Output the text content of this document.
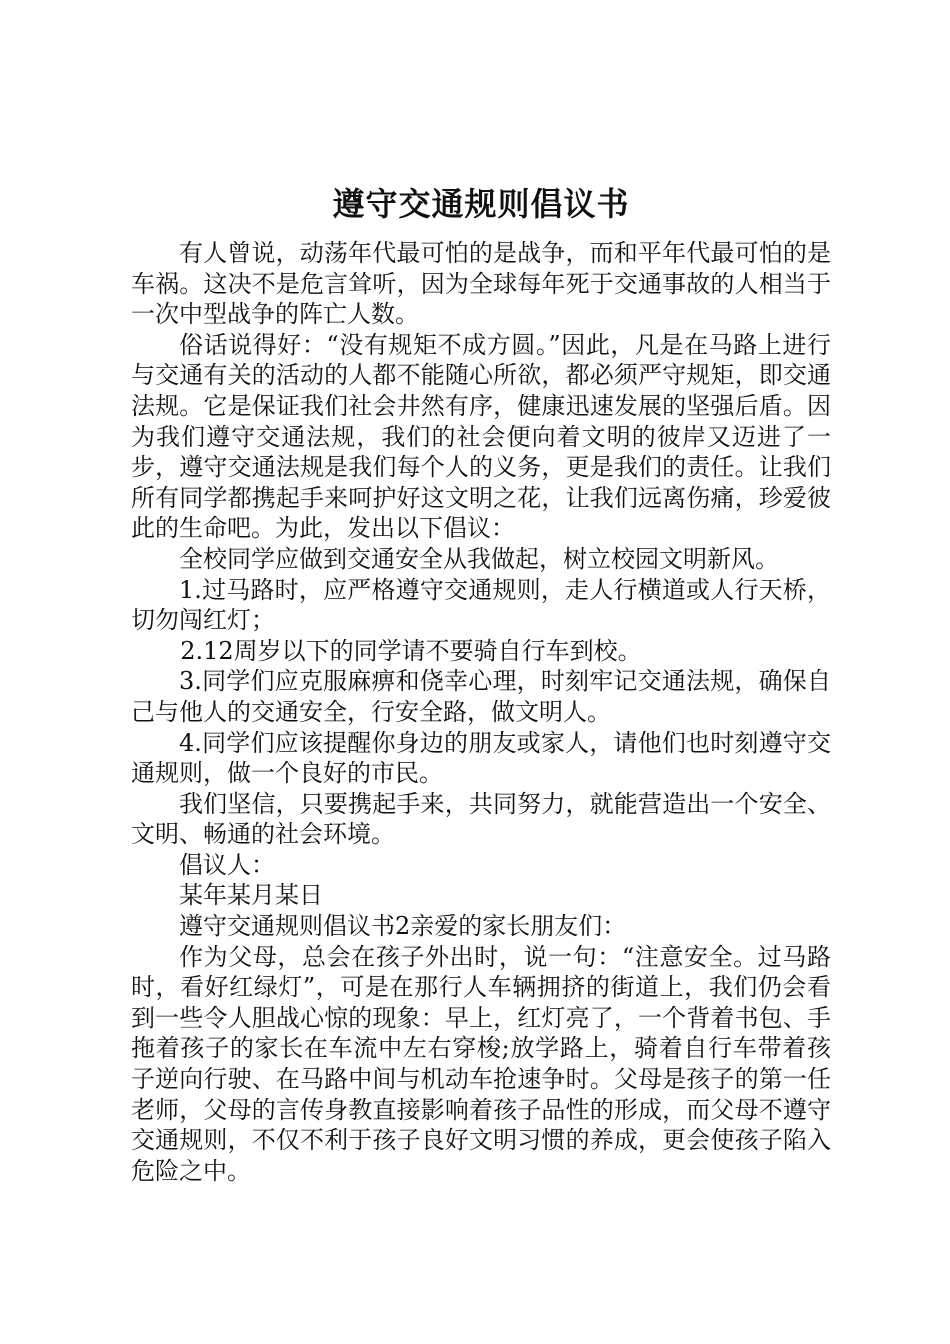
遵守交通规则倡议书

有人曾说，动荡年代最可怕的是战争，而和平年代最可怕的是车祸。这决不是危言耸听，因为全球每年死于交通事故的人相当于一次中型战争的阵亡人数。

俗话说得好：“没有规矩不成方圆。”因此，凡是在马路上进行与交通有关的活动的人都不能随心所欲，都必须严守规矩，即交通法规。它是保证我们社会井然有序，健康迅速发展的坚强后盾。因为我们遵守交通法规，我们的社会便向着文明的彼岸又迈进了一步，遵守交通法规是我们每个人的义务，更是我们的责任。让我们所有同学都携起手来呵护好这文明之花，让我们远离伤痛，珍爱彼此的生命吧。为此，发出以下倡议：

全校同学应做到交通安全从我做起，树立校园文明新风。

1.过马路时，应严格遵守交通规则，走人行横道或人行天桥，切勿闯红灯；

2.12周岁以下的同学请不要骑自行车到校。

3.同学们应克服麻痹和侥幸心理，时刻牢记交通法规，确保自己与他人的交通安全，行安全路，做文明人。

4.同学们应该提醒你身边的朋友或家人，请他们也时刻遵守交通规则，做一个良好的市民。

我们坚信，只要携起手来，共同努力，就能营造出一个安全、文明、畅通的社会环境。

倡议人：

某年某月某日

遵守交通规则倡议书2亲爱的家长朋友们：

作为父母，总会在孩子外出时，说一句：“注意安全。过马路时，看好红绿灯”，可是在那行人车辆拥挤的街道上，我们仍会看到一些令人胆战心惊的现象：早上，红灯亮了，一个背着书包、手拖着孩子的家长在车流中左右穿梭;放学路上，骑着自行车带着孩子逆向行驶、在马路中间与机动车抢速争时。父母是孩子的第一任老师，父母的言传身教直接影响着孩子品性的形成，而父母不遵守交通规则，不仅不利于孩子良好文明习惯的养成，更会使孩子陷入危险之中。
